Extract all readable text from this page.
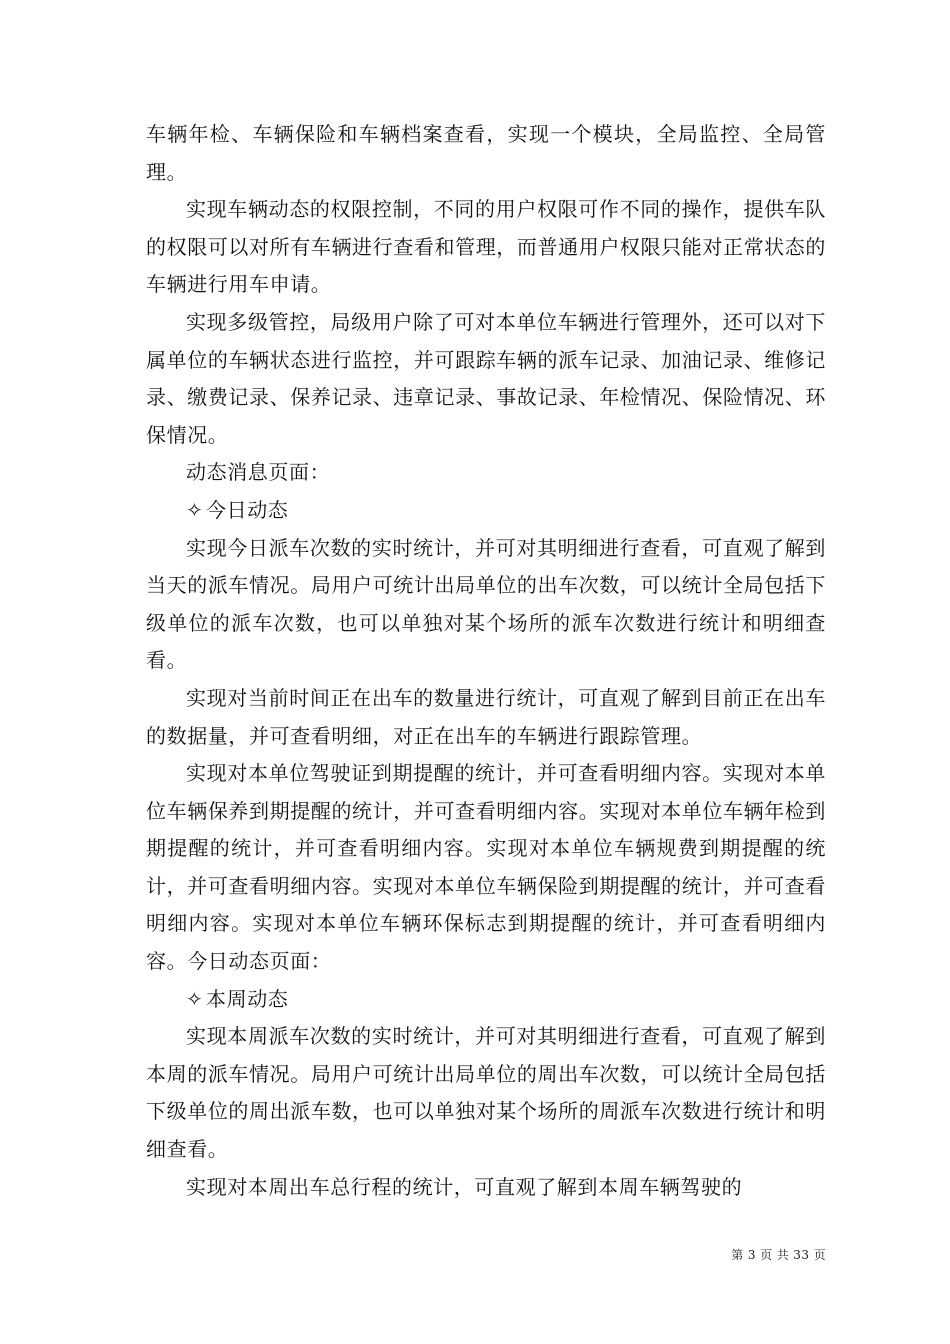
车辆年检、车辆保险和车辆档案查看，实现一个模块，全局监控、全局管理。

实现车辆动态的权限控制，不同的用户权限可作不同的操作，提供车队的权限可以对所有车辆进行查看和管理，而普通用户权限只能对正常状态的车辆进行用车申请。

实现多级管控，局级用户除了可对本单位车辆进行管理外，还可以对下属单位的车辆状态进行监控，并可跟踪车辆的派车记录、加油记录、维修记录、缴费记录、保养记录、违章记录、事故记录、年检情况、保险情况、环保情况。

动态消息页面：

✧ 今日动态

实现今日派车次数的实时统计，并可对其明细进行查看，可直观了解到当天的派车情况。局用户可统计出局单位的出车次数，可以统计全局包括下级单位的派车次数，也可以单独对某个场所的派车次数进行统计和明细查看。

实现对当前时间正在出车的数量进行统计，可直观了解到目前正在出车的数据量，并可查看明细，对正在出车的车辆进行跟踪管理。

实现对本单位驾驶证到期提醒的统计，并可查看明细内容。实现对本单位车辆保养到期提醒的统计，并可查看明细内容。实现对本单位车辆年检到期提醒的统计，并可查看明细内容。实现对本单位车辆规费到期提醒的统计，并可查看明细内容。实现对本单位车辆保险到期提醒的统计，并可查看明细内容。实现对本单位车辆环保标志到期提醒的统计，并可查看明细内容。今日动态页面：

✧ 本周动态

实现本周派车次数的实时统计，并可对其明细进行查看，可直观了解到本周的派车情况。局用户可统计出局单位的周出车次数，可以统计全局包括下级单位的周出派车数，也可以单独对某个场所的周派车次数进行统计和明细查看。

实现对本周出车总行程的统计，可直观了解到本周车辆驾驶的

第 3 页 共 33 页
